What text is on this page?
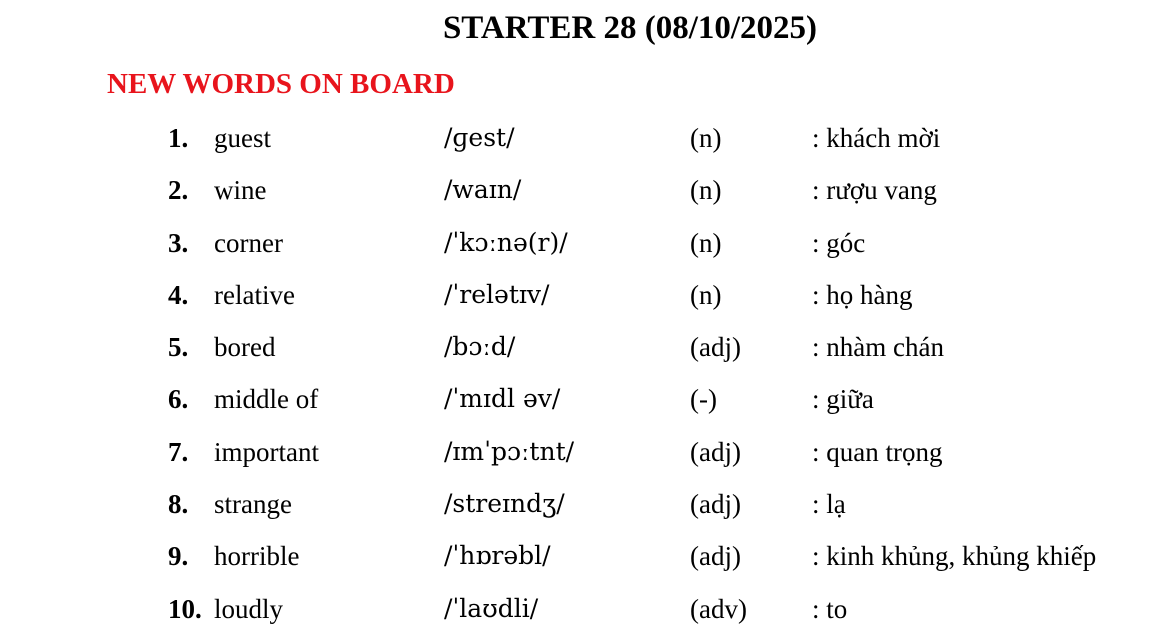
STARTER 28 (08/10/2025)
NEW WORDS ON BOARD
1. guest	/ɡest/	(n)	: khách mời
2. wine	/waɪn/	(n)	: rượu vang
3. corner	/ˈkɔːnə(r)/	(n)	: góc
4. relative	/ˈrelətɪv/	(n)	: họ hàng
5. bored	/bɔːd/	(adj)	: nhàm chán
6. middle of	/ˈmɪdl əv/	(-)	: giữa
7. important	/ɪmˈpɔːtnt/	(adj)	: quan trọng
8. strange	/streɪndʒ/	(adj)	: lạ
9. horrible	/ˈhɒrəbl/	(adj)	: kinh khủng, khủng khiếp
10. loudly	/ˈlaʊdli/	(adv) : to
